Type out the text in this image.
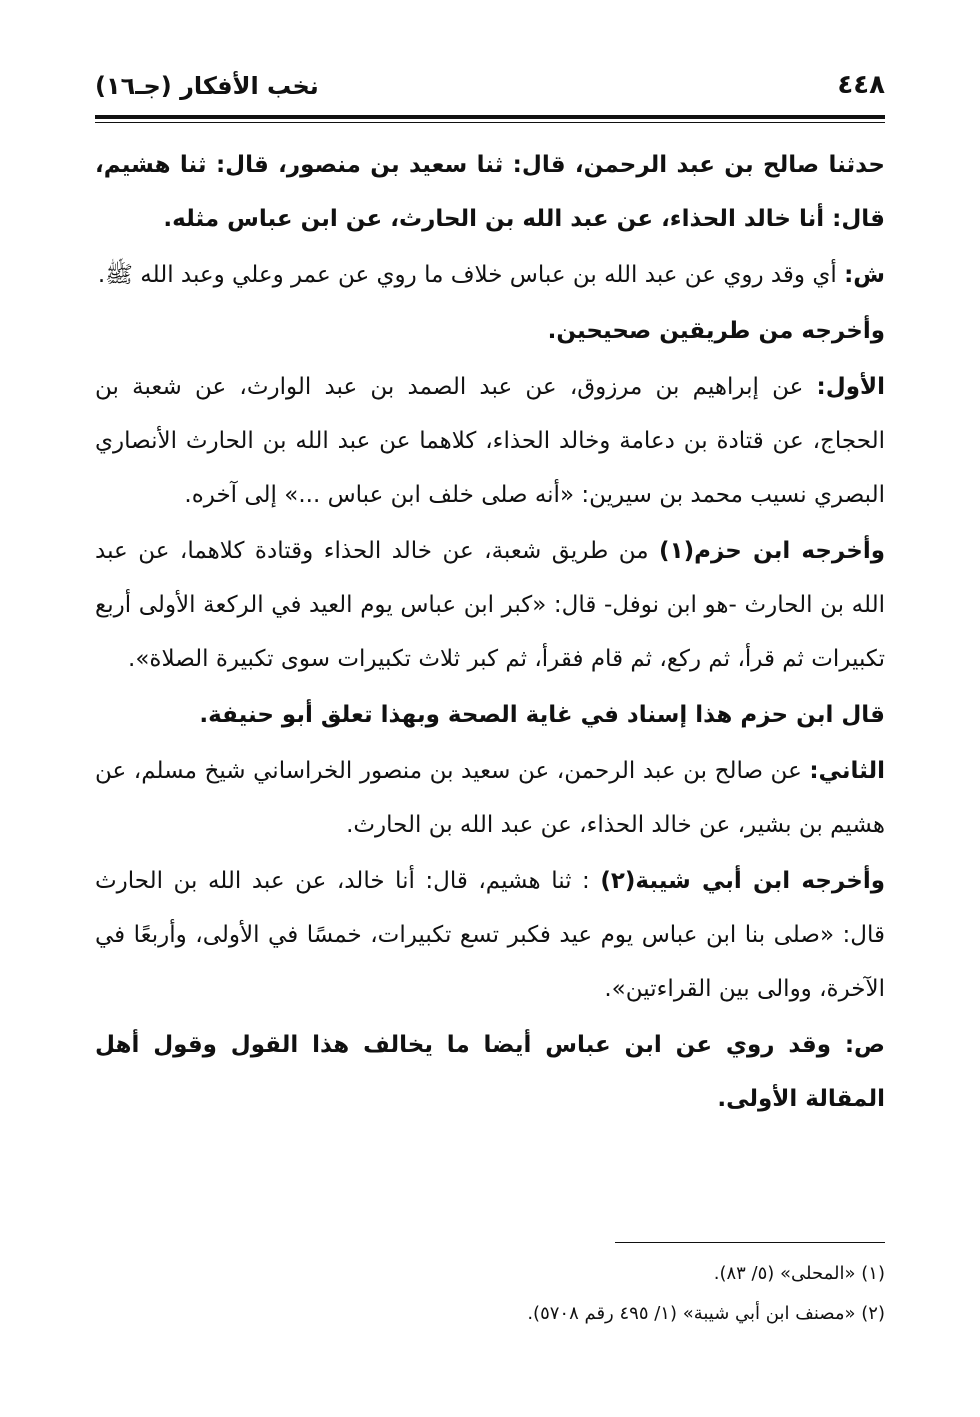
٤٤٨
نخب الأفكار (جـ١٦)

حدثنا صالح بن عبد الرحمن، قال: ثنا سعيد بن منصور، قال: ثنا هشيم، قال: أنا خالد الحذاء، عن عبد الله بن الحارث، عن ابن عباس مثله.

ش: أي وقد روي عن عبد الله بن عباس خلاف ما روي عن عمر وعلي وعبد الله ﷺ.

وأخرجه من طريقين صحيحين.

الأول: عن إبراهيم بن مرزوق، عن عبد الصمد بن عبد الوارث، عن شعبة بن الحجاج، عن قتادة بن دعامة وخالد الحذاء، كلاهما عن عبد الله بن الحارث الأنصاري البصري نسيب محمد بن سيرين: «أنه صلى خلف ابن عباس ...» إلى آخره.

وأخرجه ابن حزم(١) من طريق شعبة، عن خالد الحذاء وقتادة كلاهما، عن عبد الله بن الحارث -هو ابن نوفل- قال: «كبر ابن عباس يوم العيد في الركعة الأولى أربع تكبيرات ثم قرأ، ثم ركع، ثم قام فقرأ، ثم كبر ثلاث تكبيرات سوى تكبيرة الصلاة».

قال ابن حزم هذا إسناد في غاية الصحة وبهذا تعلق أبو حنيفة.

الثاني: عن صالح بن عبد الرحمن، عن سعيد بن منصور الخراساني شيخ مسلم، عن هشيم بن بشير، عن خالد الحذاء، عن عبد الله بن الحارث.

وأخرجه ابن أبي شيبة(٢) : ثنا هشيم، قال: أنا خالد، عن عبد الله بن الحارث قال: «صلى بنا ابن عباس يوم عيد فكبر تسع تكبيرات، خمسًا في الأولى، وأربعًا في الآخرة، ووالى بين القراءتين».

ص: وقد روي عن ابن عباس أيضا ما يخالف هذا القول وقول أهل المقالة الأولى.

(١) «المحلى» (٥/ ٨٣).

(٢) «مصنف ابن أبي شيبة» (١/ ٤٩٥ رقم ٥٧٠٨).
